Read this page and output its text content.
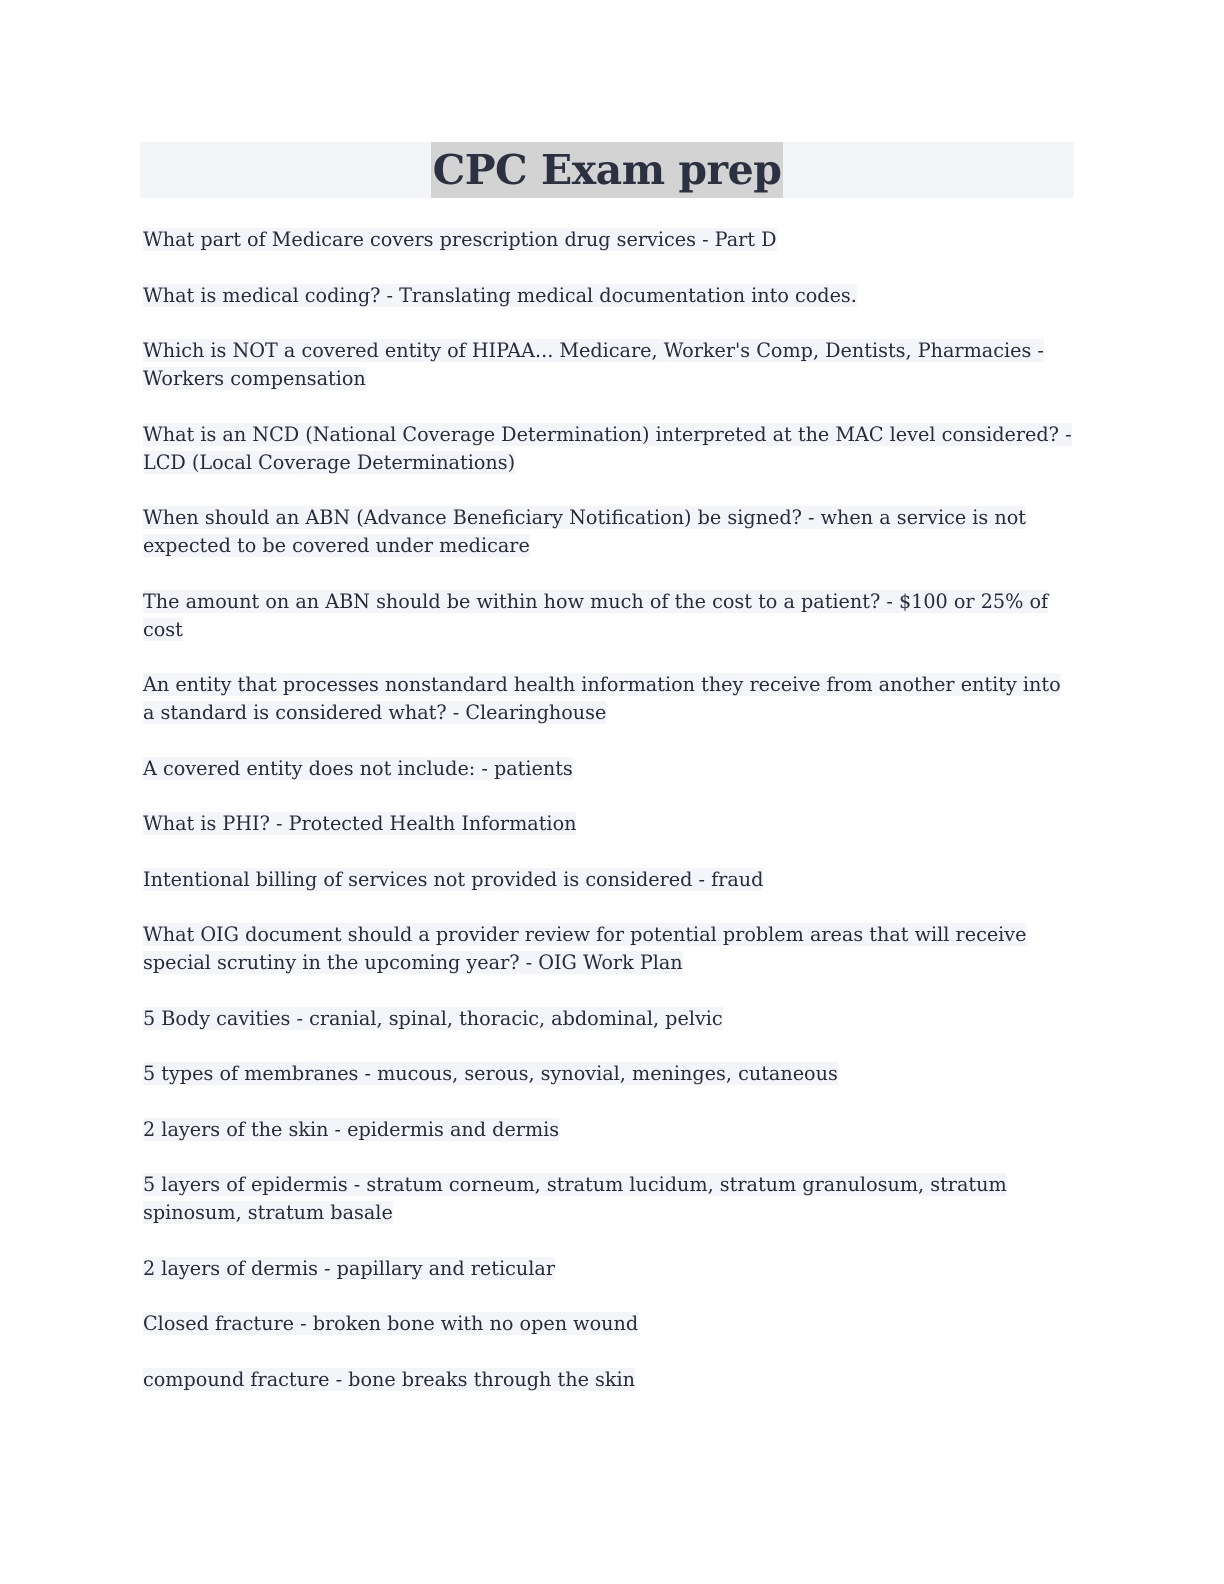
CPC Exam prep

What part of Medicare covers prescription drug services - Part D

What is medical coding? - Translating medical documentation into codes.

Which is NOT a covered entity of HIPAA... Medicare, Worker's Comp, Dentists, Pharmacies - Workers compensation

What is an NCD (National Coverage Determination) interpreted at the MAC level considered? - LCD (Local Coverage Determinations)

When should an ABN (Advance Beneficiary Notification) be signed? - when a service is not expected to be covered under medicare

The amount on an ABN should be within how much of the cost to a patient? - $100 or 25% of cost

An entity that processes nonstandard health information they receive from another entity into a standard is considered what? - Clearinghouse

A covered entity does not include: - patients

What is PHI? - Protected Health Information

Intentional billing of services not provided is considered - fraud

What OIG document should a provider review for potential problem areas that will receive special scrutiny in the upcoming year? - OIG Work Plan

5 Body cavities - cranial, spinal, thoracic, abdominal, pelvic

5 types of membranes - mucous, serous, synovial, meninges, cutaneous

2 layers of the skin - epidermis and dermis

5 layers of epidermis - stratum corneum, stratum lucidum, stratum granulosum, stratum spinosum, stratum basale

2 layers of dermis - papillary and reticular

Closed fracture - broken bone with no open wound

compound fracture - bone breaks through the skin
